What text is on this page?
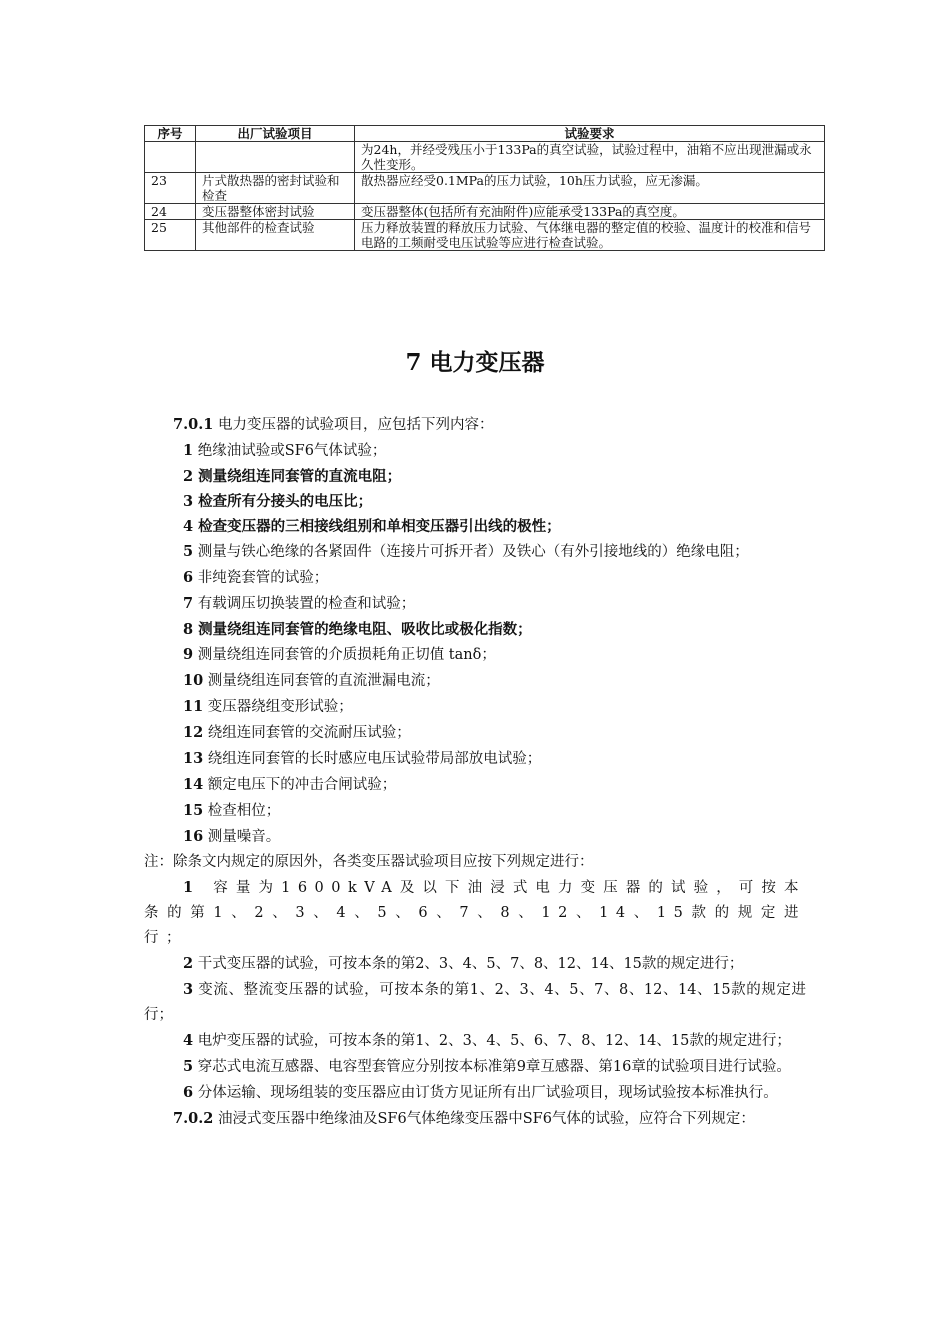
序号	出厂试验项目	试验要求
		为24h，并经受残压小于133Pa的真空试验，试验过程中，油箱不应出现泄漏或永久性变形。
23	片式散热器的密封试验和检查	散热器应经受0.1MPa的压力试验，10h压力试验，应无渗漏。
24	变压器整体密封试验	变压器整体(包括所有充油附件)应能承受133Pa的真空度。
25	其他部件的检查试验	压力释放装置的释放压力试验、气体继电器的整定值的校验、温度计的校准和信号电路的工频耐受电压试验等应进行检查试验。
7 电力变压器

7.0.1 电力变压器的试验项目，应包括下列内容：

1 绝缘油试验或SF6气体试验；

2 测量绕组连同套管的直流电阻；

3 检查所有分接头的电压比；

4 检查变压器的三相接线组别和单相变压器引出线的极性；

5 测量与铁心绝缘的各紧固件（连接片可拆开者）及铁心（有外引接地线的）绝缘电阻；

6 非纯瓷套管的试验；

7 有载调压切换装置的检查和试验；

8 测量绕组连同套管的绝缘电阻、吸收比或极化指数；

9 测量绕组连同套管的介质损耗角正切值 tanδ；

10 测量绕组连同套管的直流泄漏电流；

11 变压器绕组变形试验；

12 绕组连同套管的交流耐压试验；

13 绕组连同套管的长时感应电压试验带局部放电试验；

14 额定电压下的冲击合闸试验；

15 检查相位；

16 测量噪音。

注：除条文内规定的原因外，各类变压器试验项目应按下列规定进行：

1 容量为1600kVA及以下油浸式电力变压器的试验，可按本条的第1、2、3、4、5、6、7、8、12、14、15款的规定进行；

2 干式变压器的试验，可按本条的第2、3、4、5、7、8、12、14、15款的规定进行；

3 变流、整流变压器的试验，可按本条的第1、2、3、4、5、7、8、12、14、15款的规定进行；

4 电炉变压器的试验，可按本条的第1、2、3、4、5、6、7、8、12、14、15款的规定进行；

5 穿芯式电流互感器、电容型套管应分别按本标准第9章互感器、第16章的试验项目进行试验。

6 分体运输、现场组装的变压器应由订货方见证所有出厂试验项目，现场试验按本标准执行。

7.0.2 油浸式变压器中绝缘油及SF6气体绝缘变压器中SF6气体的试验，应符合下列规定：
